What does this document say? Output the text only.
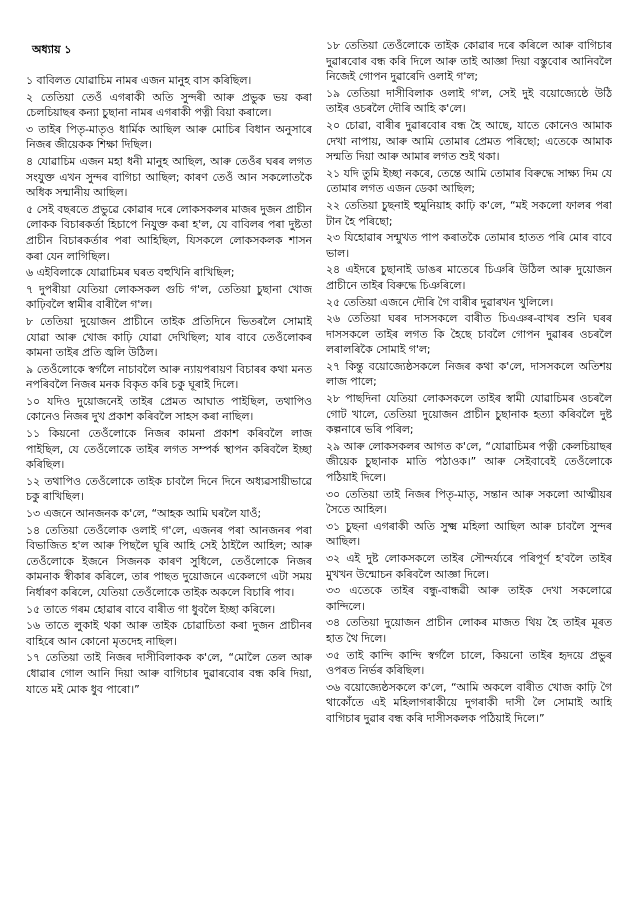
অধ্যায় ১

১ বাবিলত যোৱাচিম নামৰ এজন মানুহ বাস কৰিছিল।

২ তেতিয়া তেওঁ এগৰাকী অতি সুন্দৰী আৰু প্ৰভুক ভয় কৰা চেলচিয়াছৰ কন্যা চুছানা নামৰ এগৰাকী পত্নী বিয়া কৰালে।

৩ তাইৰ পিতৃ-মাতৃও ধাৰ্মিক আছিল আৰু মোচিৰ বিধান অনুসাৰে নিজৰ জীয়েকক শিক্ষা দিছিল।

৪ যোৱাচিম এজন মহা ধনী মানুহ আছিল, আৰু তেওঁৰ ঘৰৰ লগত সংযুক্ত এখন সুন্দৰ বাগিচা আছিল; কাৰণ তেওঁ আন সকলোতকৈ অধিক সন্মানীয় আছিল।

৫ সেই বছৰতে প্ৰভুৱে কোৱাৰ দৰে লোকসকলৰ মাজৰ দুজন প্ৰাচীন লোকক বিচাৰকৰ্তা হিচাপে নিযুক্ত কৰা হ'ল, যে বাবিলৰ পৰা দুষ্টতা প্ৰাচীন বিচাৰকৰ্তাৰ পৰা আহিছিল, যিসকলে লোকসকলক শাসন কৰা যেন লাগিছিল।

৬ এইবিলাকে যোৱাচিমৰ ঘৰত বহুখিনি ৰাখিছিল;

৭ দুপৰীয়া যেতিয়া লোকসকল গুচি গ'ল, তেতিয়া চুছানা খোজ কাঢ়িবলৈ স্বামীৰ বাৰীলৈ গ'ল।

৮ তেতিয়া দুয়োজন প্ৰাচীনে তাইক প্ৰতিদিনে ভিতৰলৈ সোমাই যোৱা আৰু খোজ কাঢ়ি যোৱা দেখিছিল; যাৰ বাবে তেওঁলোকৰ কামনা তাইৰ প্ৰতি জ্বলি উঠিল।

৯ তেওঁলোকে স্বৰ্গলৈ নাচাবলৈ আৰু ন্যায়পৰায়ণ বিচাৰৰ কথা মনত নপৰিবলৈ নিজৰ মনক বিকৃত কৰি চকু ঘূৰাই দিলে।

১০ যদিও দুয়োজনেই তাইৰ প্ৰেমত আঘাত পাইছিল, তথাপিও কোনেও নিজৰ দুখ প্ৰকাশ কৰিবলৈ সাহস কৰা নাছিল।

১১ কিয়নো তেওঁলোকে নিজৰ কামনা প্ৰকাশ কৰিবলৈ লাজ পাইছিল, যে তেওঁলোকে তাইৰ লগত সম্পৰ্ক স্থাপন কৰিবলৈ ইচ্ছা কৰিছিল।

১২ তথাপিও তেওঁলোকে তাইক চাবলৈ দিনে দিনে অধ্যৱসায়ীভাৱে চকু ৰাখিছিল।

১৩ এজনে আনজনক ক'লে, “আহক আমি ঘৰলৈ যাওঁ;

১৪ তেতিয়া তেওঁলোক ওলাই গ'লে, এজনৰ পৰা আনজনৰ পৰা বিভাজিত হ'ল আৰু পিছলৈ ঘূৰি আহি সেই ঠাইলৈ আহিল; আৰু তেওঁলোকে ইজনে সিজনক কাৰণ সুধিলে, তেওঁলোকে নিজৰ কামনাক স্বীকাৰ কৰিলে, তাৰ পাছত দুয়োজনে একেলগে এটা সময় নিৰ্ধাৰণ কৰিলে, যেতিয়া তেওঁলোকে তাইক অকলে বিচাৰি পাব।

১৫ তাতে গৰম হোৱাৰ বাবে বাৰীত গা ধুবলৈ ইচ্ছা কৰিলে।

১৬ তাতে লুকাই থকা আৰু তাইক চোৱাচিতা কৰা দুজন প্ৰাচীনৰ বাহিৰে আন কোনো মৃতদেহ নাছিল।

১৭ তেতিয়া তাই নিজৰ দাসীবিলাকক ক'লে, “মোলৈ তেল আৰু ধোৱাৰ গোল আনি দিয়া আৰু বাগিচাৰ দুৱাৰবোৰ বন্ধ কৰি দিয়া, যাতে মই মোক ধুব পাৰো।”

১৮ তেতিয়া তেওঁলোকে তাইক কোৱাৰ দৰে কৰিলে আৰু বাগিচাৰ দুৱাৰবোৰ বন্ধ কৰি দিলে আৰু তাই আজ্ঞা দিয়া বস্তুবোৰ আনিবলৈ নিজেই গোপন দুৱাৰেদি ওলাই গ'ল;

১৯ তেতিয়া দাসীবিলাক ওলাই গ'ল, সেই দুই বয়োজ্যেষ্ঠে উঠি তাইৰ ওচৰলৈ দৌৰি আহি ক'লে।

২০ চোৱা, বাৰীৰ দুৱাৰবোৰ বন্ধ হৈ আছে, যাতে কোনেও আমাক দেখা নাপায়, আৰু আমি তোমাৰ প্ৰেমত পৰিছো; এতেকে আমাক সন্মতি দিয়া আৰু আমাৰ লগত শুই থকা।

২১ যদি তুমি ইচ্ছা নকৰে, তেন্তে আমি তোমাৰ বিৰুদ্ধে সাক্ষ্য দিম যে তোমাৰ লগত এজন ডেকা আছিল;

২২ তেতিয়া চুছনাই হুমুনিয়াহ কাঢ়ি ক'লে, “মই সকলো ফালৰ পৰা টান হৈ পৰিছো;

২৩ যিহোৱাৰ সন্মুখত পাপ কৰাতকৈ তোমাৰ হাতত পৰি মোৰ বাবে ভাল।

২৪ এইদৰে চুছানাই ডাঙৰ মাতেৰে চিঞৰি উঠিল আৰু দুয়োজন প্ৰাচীনে তাইৰ বিৰুদ্ধে চিঞৰিলে।

২৫ তেতিয়া এজনে দৌৰি গৈ বাৰীৰ দুৱাৰখন খুলিলে।

২৬ তেতিয়া ঘৰৰ দাসসকলে বাৰীত চিএঞৰ-বাখৰ শুনি ঘৰৰ দাসসকলে তাইৰ লগত কি হৈছে চাবলৈ গোপন দুৱাৰৰ ওচৰলৈ লৰালৰিকৈ সোমাই গ'ল;

২৭ কিন্তু বয়োজ্যেষ্ঠসকলে নিজৰ কথা ক'লে, দাসসকলে অতিশয় লাজ পালে;

২৮ পাছদিনা যেতিয়া লোকসকলে তাইৰ স্বামী যোৱাচিমৰ ওচৰলৈ গোট খালে, তেতিয়া দুয়োজন প্ৰাচীন চুছানাক হত্যা কৰিবলৈ দুষ্ট কল্পনাৰে ভৰি পৰিল;

২৯ আৰু লোকসকলৰ আগত ক'লে, “যোৱাচিমৰ পত্নী কেলচিয়াছৰ জীয়েক চুছানাক মাতি পঠাওক।” আৰু সেইবাবেই তেওঁলোকে পঠিয়াই দিলে।

৩০ তেতিয়া তাই নিজৰ পিতৃ-মাতৃ, সন্তান আৰু সকলো আত্মীয়ৰ সৈতে আহিল।

৩১ চুছনা এগৰাকী অতি সুক্ষ্ম মহিলা আছিল আৰু চাবলৈ সুন্দৰ আছিল।

৩২ এই দুষ্ট লোকসকলে তাইৰ সৌন্দৰ্য্যৰে পৰিপূৰ্ণ হ'বলৈ তাইৰ মুখখন উন্মোচন কৰিবলৈ আজ্ঞা দিলে।

৩৩ এতেকে তাইৰ বন্ধু-বান্ধৱী আৰু তাইক দেখা সকলোৱে কান্দিলে।

৩৪ তেতিয়া দুয়োজন প্ৰাচীন লোকৰ মাজত থিয় হৈ তাইৰ মূৰত হাত থৈ দিলে।

৩৫ তাই কান্দি কান্দি স্বৰ্গলৈ চালে, কিয়নো তাইৰ হৃদয়ে প্ৰভুৰ ওপৰত নিৰ্ভৰ কৰিছিল।

৩৬ বয়োজ্যেষ্ঠসকলে ক'লে, “আমি অকলে বাৰীত খোজ কাঢ়ি গৈ থাকোঁতে এই মহিলাগৰাকীয়ে দুগৰাকী দাসী লৈ সোমাই আহি বাগিচাৰ দুৱাৰ বন্ধ কৰি দাসীসকলক পঠিয়াই দিলে।”
